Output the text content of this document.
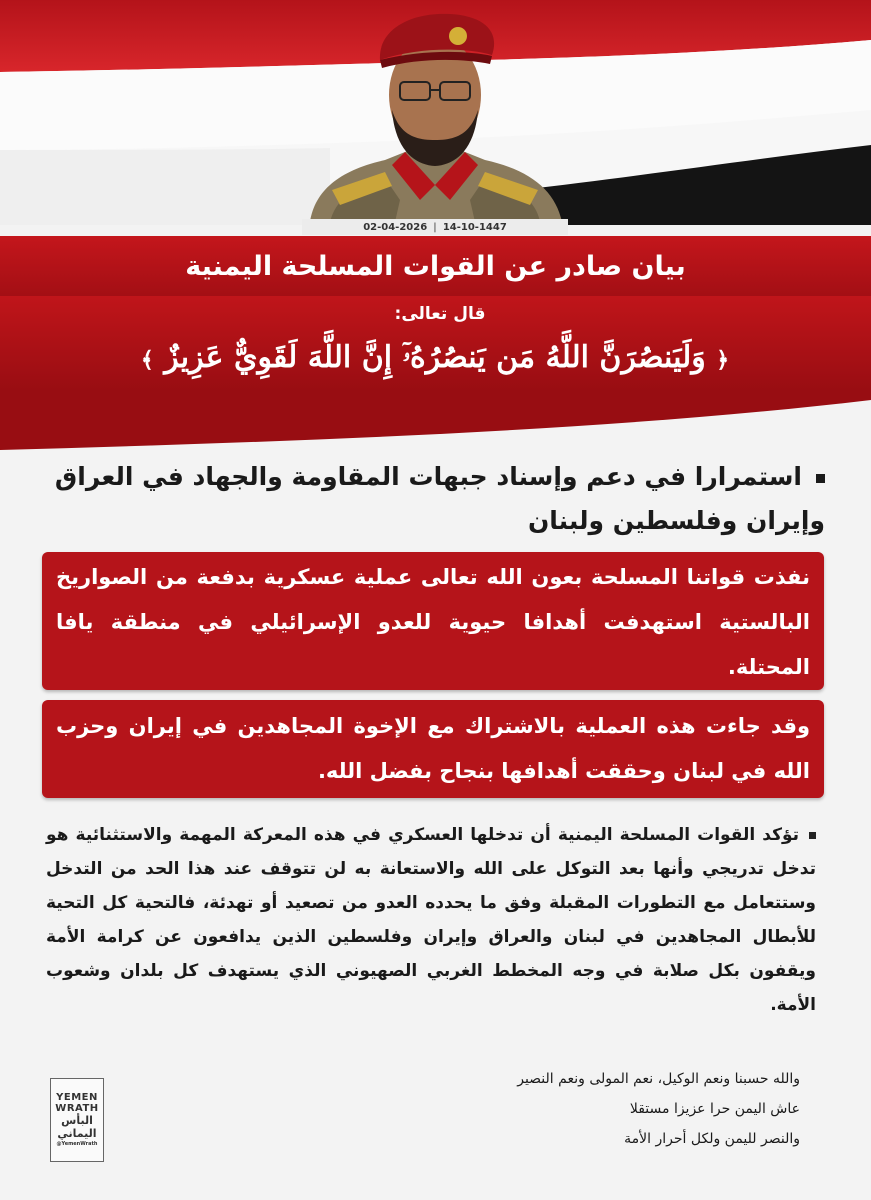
02-04-2026 | 14-10-1447
بيان صادر عن القوات المسلحة اليمنية
قال تعالى:
﴿ وَلَيَنصُرَنَّ اللَّهُ مَن يَنصُرُهُۥٓ إِنَّ اللَّهَ لَقَوِيٌّ عَزِيزٌ ﴾
استمرارا في دعم وإسناد جبهات المقاومة والجهاد في العراق وإيران وفلسطين ولبنان
نفذت قواتنا المسلحة بعون الله تعالى عملية عسكرية بدفعة من الصواريخ البالستية استهدفت أهدافا حيوية للعدو الإسرائيلي في منطقة يافا المحتلة.
وقد جاءت هذه العملية بالاشتراك مع الإخوة المجاهدين في إيران وحزب الله في لبنان وحققت أهدافها بنجاح بفضل الله.
تؤكد القوات المسلحة اليمنية أن تدخلها العسكري في هذه المعركة المهمة والاستثنائية هو تدخل تدريجي وأنها بعد التوكل على الله والاستعانة به لن تتوقف عند هذا الحد من التدخل وستتعامل مع التطورات المقبلة وفق ما يحدده العدو من تصعيد أو تهدئة، فالتحية كل التحية للأبطال المجاهدين في لبنان والعراق وإيران وفلسطين الذين يدافعون عن كرامة الأمة ويقفون بكل صلابة في وجه المخطط الغربي الصهيوني الذي يستهدف كل بلدان وشعوب الأمة.
والله حسبنا ونعم الوكيل، نعم المولى ونعم النصير
عاش اليمن حرا عزيزا مستقلا
والنصر لليمن ولكل أحرار الأمة
YEMEN
WRATH
البأس
اليماني
@YemenWrath
